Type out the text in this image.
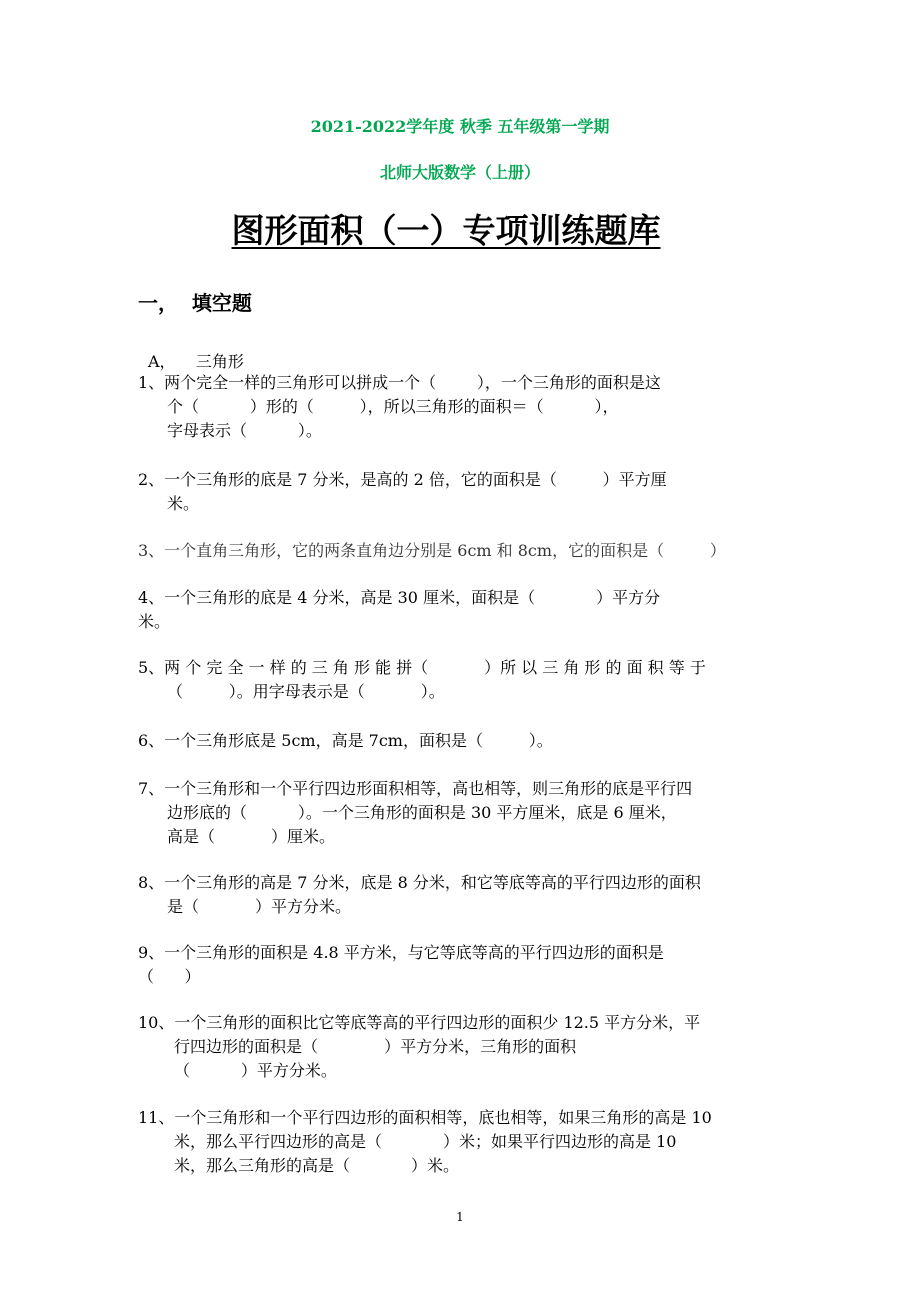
2021-2022学年度 秋季 五年级第一学期
北师大版数学（上册）
图形面积（一）专项训练题库
一，  填空题
A，    三角形
1、两个完全一样的三角形可以拼成一个（        ），一个三角形的面积是这
个（          ）形的（         ），所以三角形的面积＝（          ），
字母表示（          ）。
2、一个三角形的底是 7 分米，是高的 2 倍，它的面积是（         ）平方厘
米。
3、一个直角三角形，它的两条直角边分别是 6cm 和 8cm，它的面积是（         ）
4、一个三角形的底是 4 分米，高是 30 厘米，面积是（            ）平方分
米。
5、两 个 完 全 一 样 的 三 角 形 能 拼（           ）所 以 三 角 形 的 面 积 等 于
（         ）。用字母表示是（           ）。
6、一个三角形底是 5cm，高是 7cm，面积是（         ）。
7、一个三角形和一个平行四边形面积相等，高也相等，则三角形的底是平行四
边形底的（          ）。一个三角形的面积是 30 平方厘米，底是 6 厘米，
高是（           ）厘米。
8、一个三角形的高是 7 分米，底是 8 分米，和它等底等高的平行四边形的面积
是（           ）平方分米。
9、一个三角形的面积是 4.8 平方米，与它等底等高的平行四边形的面积是
（      ）
10、一个三角形的面积比它等底等高的平行四边形的面积少 12.5 平方分米，平
行四边形的面积是（             ）平方分米，三角形的面积
（          ）平方分米。
11、一个三角形和一个平行四边形的面积相等，底也相等，如果三角形的高是 10
米，那么平行四边形的高是（            ）米；如果平行四边形的高是 10
米，那么三角形的高是（            ）米。
1
